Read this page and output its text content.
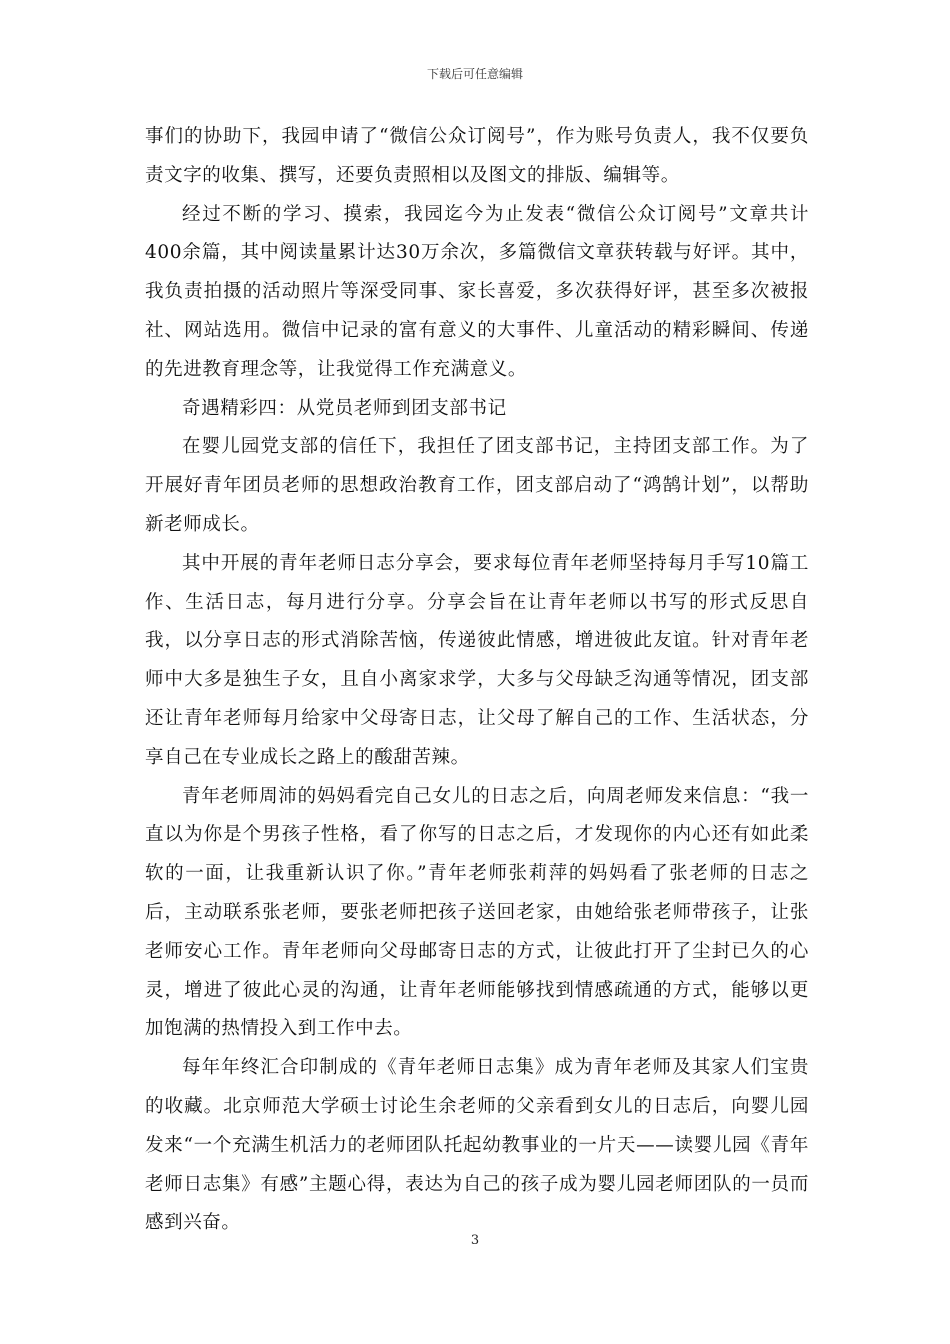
下载后可任意编辑

事们的协助下，我园申请了“微信公众订阅号”，作为账号负责人，我不仅要负责文字的收集、撰写，还要负责照相以及图文的排版、编辑等。

经过不断的学习、摸索，我园迄今为止发表“微信公众订阅号”文章共计400余篇，其中阅读量累计达30万余次，多篇微信文章获转载与好评。其中，我负责拍摄的活动照片等深受同事、家长喜爱，多次获得好评，甚至多次被报社、网站选用。微信中记录的富有意义的大事件、儿童活动的精彩瞬间、传递的先进教育理念等，让我觉得工作充满意义。

奇遇精彩四：从党员老师到团支部书记

在婴儿园党支部的信任下，我担任了团支部书记，主持团支部工作。为了开展好青年团员老师的思想政治教育工作，团支部启动了“鸿鹄计划”，以帮助新老师成长。

其中开展的青年老师日志分享会，要求每位青年老师坚持每月手写10篇工作、生活日志，每月进行分享。分享会旨在让青年老师以书写的形式反思自我，以分享日志的形式消除苦恼，传递彼此情感，增进彼此友谊。针对青年老师中大多是独生子女，且自小离家求学，大多与父母缺乏沟通等情况，团支部还让青年老师每月给家中父母寄日志，让父母了解自己的工作、生活状态，分享自己在专业成长之路上的酸甜苦辣。

青年老师周沛的妈妈看完自己女儿的日志之后，向周老师发来信息：“我一直以为你是个男孩子性格，看了你写的日志之后，才发现你的内心还有如此柔软的一面，让我重新认识了你。”青年老师张莉萍的妈妈看了张老师的日志之后，主动联系张老师，要张老师把孩子送回老家，由她给张老师带孩子，让张老师安心工作。青年老师向父母邮寄日志的方式，让彼此打开了尘封已久的心灵，增进了彼此心灵的沟通，让青年老师能够找到情感疏通的方式，能够以更加饱满的热情投入到工作中去。

每年年终汇合印制成的《青年老师日志集》成为青年老师及其家人们宝贵的收藏。北京师范大学硕士讨论生余老师的父亲看到女儿的日志后，向婴儿园发来“一个充满生机活力的老师团队托起幼教事业的一片天——读婴儿园《青年老师日志集》有感”主题心得，表达为自己的孩子成为婴儿园老师团队的一员而感到兴奋。

3
